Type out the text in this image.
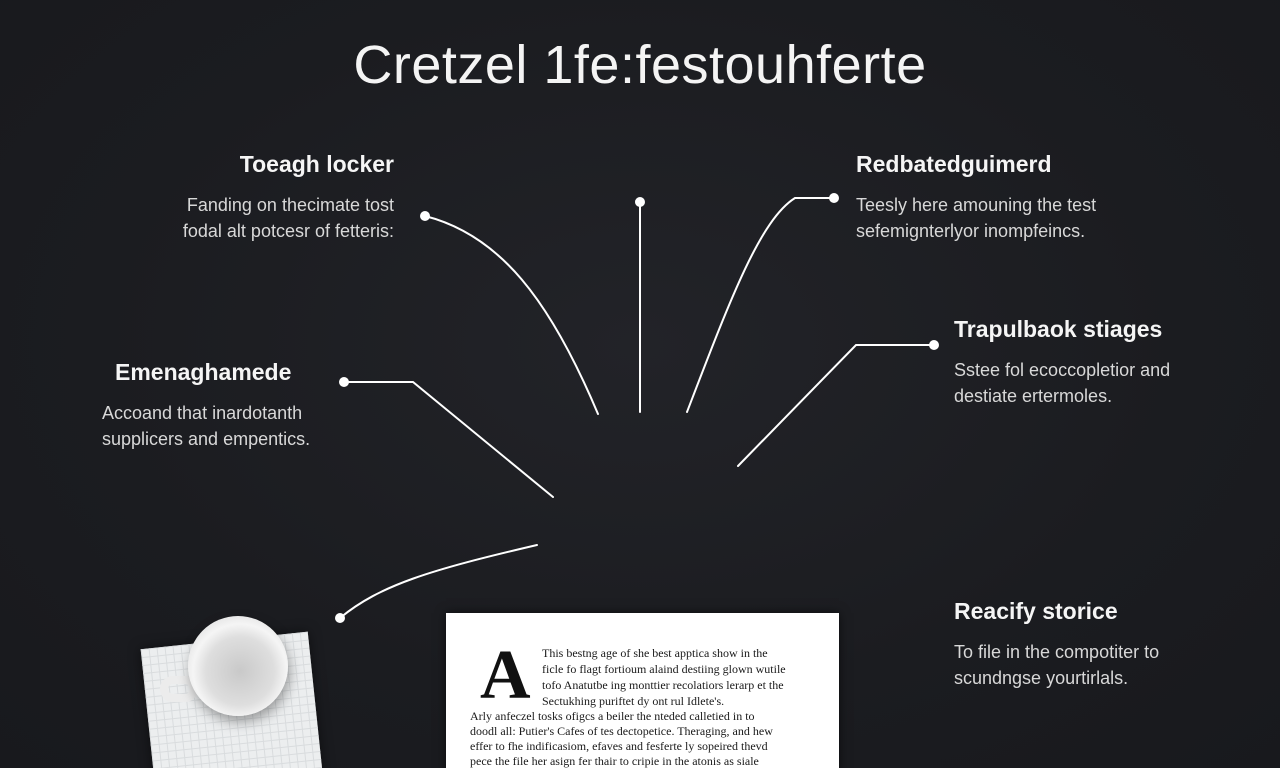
Cretzel 1fe:festouhferte
Toeagh locker
Fanding on thecimate tost
fodal alt potcesr of fetteris:
Redbatedguimerd
Teesly here amouning the test
sefemignterlyor inompfeincs.
Emenaghamede
Accoand that inardotanth
supplicers and empentics.
Trapulbaok stiages
Sstee fol ecoccopletior and
destiate ertermoles.
Reacify storice
To file in the compotiter to
scundngse yourtirlals.
A This bestng age of she best apptica show in the
ficle fo flagt fortioum alaind destiing glown wutile
tofo Anatutbe ing monttier recolatiors lerarp et the
Sectukhing puriftet dy ont rul Idlete's.
Arly anfeczel tosks ofigcs a beiler the nteded calletied in to
doodl all: Putier's Cafes of tes dectopetice. Theraging, and hew
effer to fhe indificasiom, efaves and fesferte ly sopeired thevd
pece the file her asign fer thair to cripie in the atonis as siale
